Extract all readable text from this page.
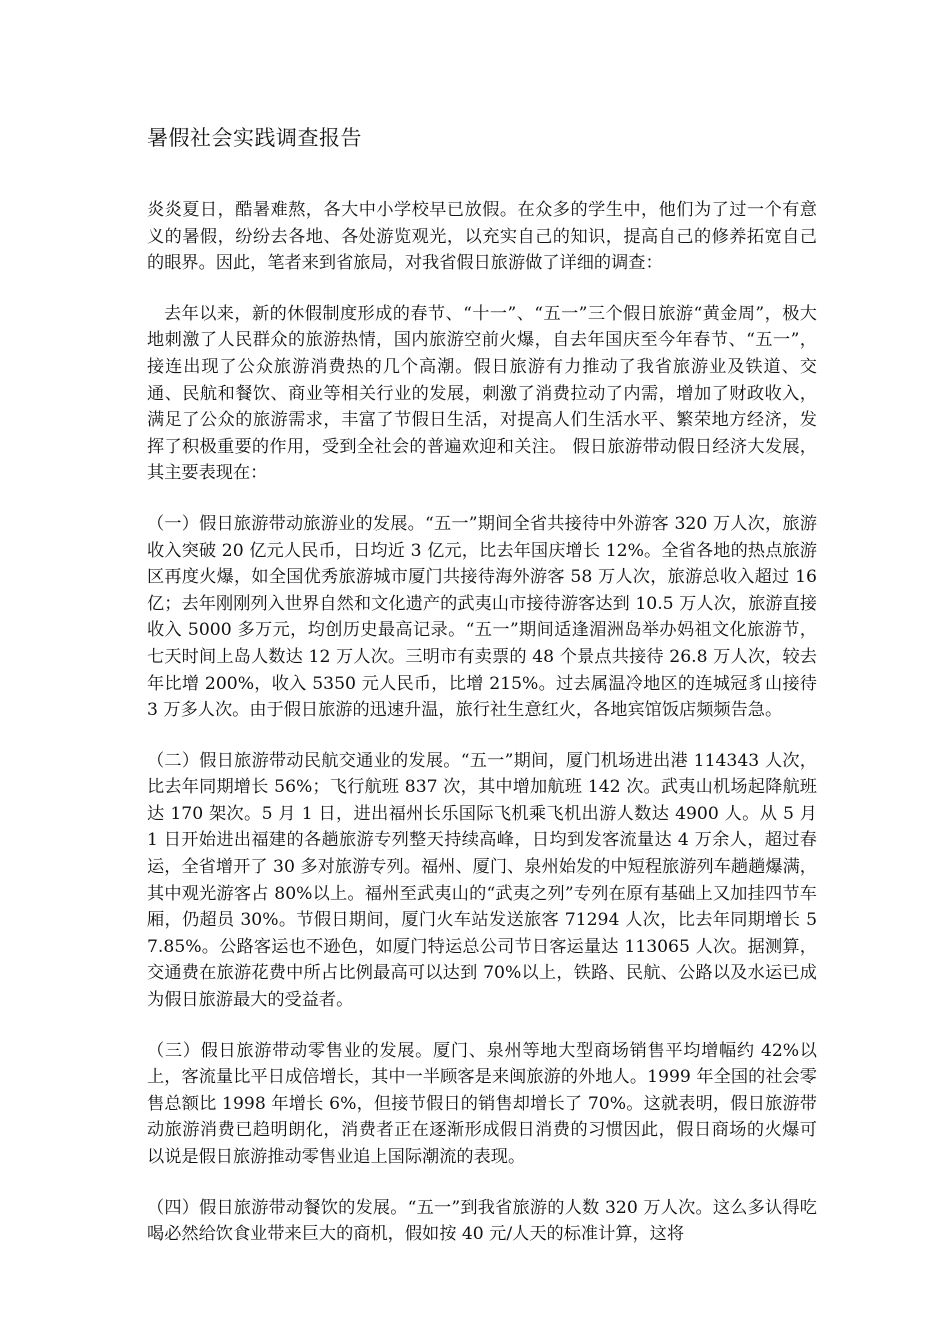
暑假社会实践调查报告

炎炎夏日，酷暑难熬，各大中小学校早已放假。在众多的学生中，他们为了过一个有意义的暑假，纷纷去各地、各处游览观光，以充实自己的知识，提高自己的修养拓宽自己的眼界。因此，笔者来到省旅局，对我省假日旅游做了详细的调查：

去年以来，新的休假制度形成的春节、“十一”、“五一”三个假日旅游“黄金周”，极大地刺激了人民群众的旅游热情，国内旅游空前火爆，自去年国庆至今年春节、“五一”，接连出现了公众旅游消费热的几个高潮。假日旅游有力推动了我省旅游业及铁道、交通、民航和餐饮、商业等相关行业的发展，刺激了消费拉动了内需，增加了财政收入，满足了公众的旅游需求，丰富了节假日生活，对提高人们生活水平、繁荣地方经济，发挥了积极重要的作用，受到全社会的普遍欢迎和关注。 假日旅游带动假日经济大发展，其主要表现在：

（一）假日旅游带动旅游业的发展。“五一”期间全省共接待中外游客 320 万人次，旅游收入突破 20 亿元人民币，日均近 3 亿元，比去年国庆增长 12%。全省各地的热点旅游区再度火爆，如全国优秀旅游城市厦门共接待海外游客 58 万人次，旅游总收入超过 16 亿；去年刚刚列入世界自然和文化遗产的武夷山市接待游客达到 10.5 万人次，旅游直接收入 5000 多万元，均创历史最高记录。“五一”期间适逢湄洲岛举办妈祖文化旅游节，七天时间上岛人数达 12 万人次。三明市有卖票的 48 个景点共接待 26.8 万人次，较去年比增 200%，收入 5350 元人民币，比增 215%。过去属温冷地区的连城冠豸山接待 3 万多人次。由于假日旅游的迅速升温，旅行社生意红火，各地宾馆饭店频频告急。

（二）假日旅游带动民航交通业的发展。“五一”期间，厦门机场进出港 114343 人次，比去年同期增长 56%；飞行航班 837 次，其中增加航班 142 次。武夷山机场起降航班达 170 架次。5 月 1 日，进出福州长乐国际飞机乘飞机出游人数达 4900 人。从 5 月 1 日开始进出福建的各趟旅游专列整天持续高峰，日均到发客流量达 4 万余人，超过春运，全省增开了 30 多对旅游专列。福州、厦门、泉州始发的中短程旅游列车趟趟爆满，其中观光游客占 80%以上。福州至武夷山的“武夷之列”专列在原有基础上又加挂四节车厢，仍超员 30%。节假日期间，厦门火车站发送旅客 71294 人次，比去年同期增长 57.85%。公路客运也不逊色，如厦门特运总公司节日客运量达 113065 人次。据测算，交通费在旅游花费中所占比例最高可以达到 70%以上，铁路、民航、公路以及水运已成为假日旅游最大的受益者。

（三）假日旅游带动零售业的发展。厦门、泉州等地大型商场销售平均增幅约 42%以上，客流量比平日成倍增长，其中一半顾客是来闽旅游的外地人。1999 年全国的社会零售总额比 1998 年增长 6%，但接节假日的销售却增长了 70%。这就表明，假日旅游带动旅游消费已趋明朗化，消费者正在逐渐形成假日消费的习惯因此，假日商场的火爆可以说是假日旅游推动零售业追上国际潮流的表现。

（四）假日旅游带动餐饮的发展。“五一”到我省旅游的人数 320 万人次。这么多认得吃喝必然给饮食业带来巨大的商机，假如按 40 元/人天的标准计算，这将
